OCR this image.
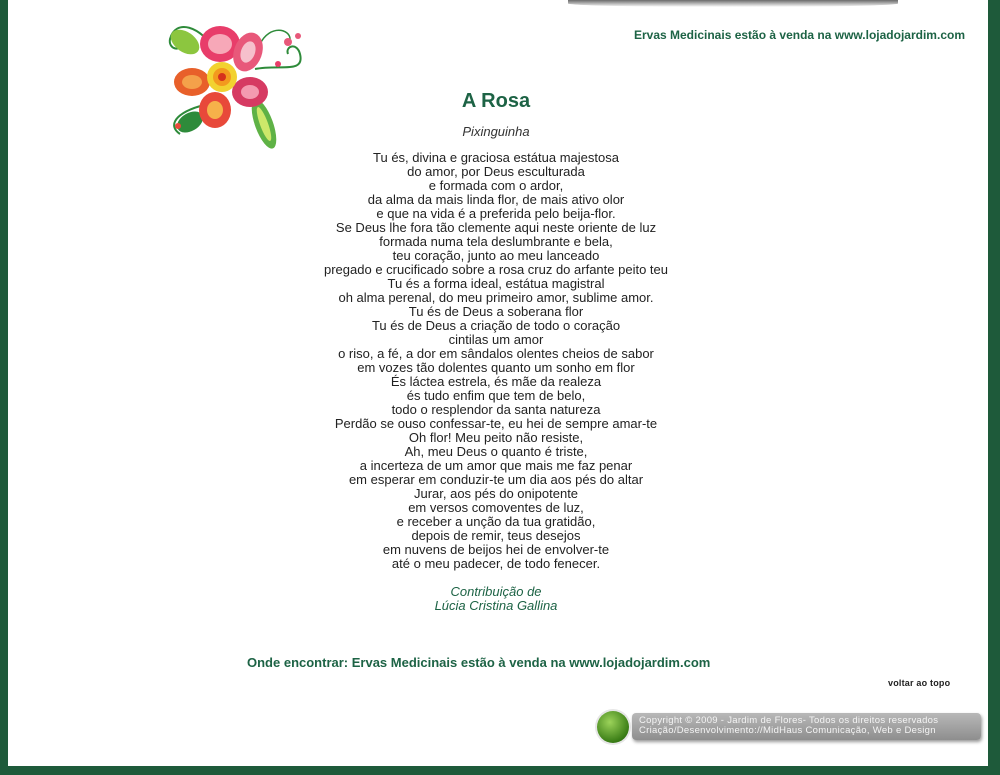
Ervas Medicinais estão à venda na www.lojadojardim.com
A Rosa

Pixinguinha

Tu és, divina e graciosa estátua majestosa
do amor, por Deus esculturada
e formada com o ardor,
da alma da mais linda flor, de mais ativo olor
e que na vida é a preferida pelo beija-flor.
Se Deus lhe fora tão clemente aqui neste oriente de luz
formada numa tela deslumbrante e bela,
teu coração, junto ao meu lanceado
pregado e crucificado sobre a rosa cruz do arfante peito teu
Tu és a forma ideal, estátua magistral
oh alma perenal, do meu primeiro amor, sublime amor.
Tu és de Deus a soberana flor
Tu és de Deus a criação de todo o coração
cintilas um amor
o riso, a fé, a dor em sândalos olentes cheios de sabor
em vozes tão dolentes quanto um sonho em flor
És láctea estrela, és mãe da realeza
és tudo enfim que tem de belo,
todo o resplendor da santa natureza
Perdão se ouso confessar-te, eu hei de sempre amar-te
Oh flor! Meu peito não resiste,
Ah, meu Deus o quanto é triste,
a incerteza de um amor que mais me faz penar
em esperar em conduzir-te um dia aos pés do altar
Jurar, aos pés do onipotente
em versos comoventes de luz,
e receber a unção da tua gratidão,
depois de remir, teus desejos
em nuvens de beijos hei de envolver-te
até o meu padecer, de todo fenecer.
Contribuição de
Lúcia Cristina Gallina
Onde encontrar: Ervas Medicinais estão à venda na www.lojadojardim.com
voltar ao topo
Copyright © 2009 - Jardim de Flores- Todos os direitos reservados
Criação/Desenvolvimento://MidHaus Comunicação, Web e Design
